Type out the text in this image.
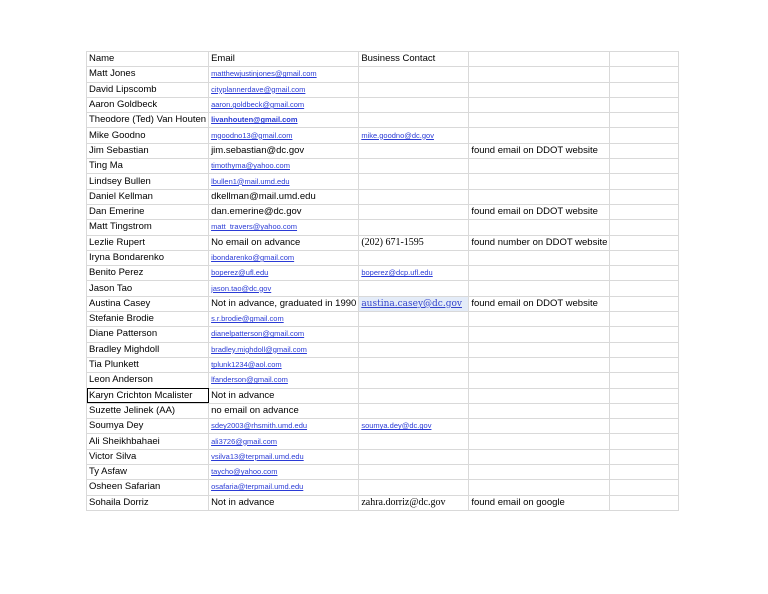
Name	Email	Business Contact		
Matt Jones	matthewjustinjones@gmail.com			
David Lipscomb	cityplannerdave@gmail.com			
Aaron Goldbeck	aaron.goldbeck@gmail.com			
Theodore (Ted) Van Houten	livanhouten@gmail.com			
Mike Goodno	mgoodno13@gmail.com	mike.goodno@dc.gov		
Jim Sebastian	jim.sebastian@dc.gov		found email on DDOT website	
Ting Ma	timothyma@yahoo.com			
Lindsey Bullen	lbullen1@mail.umd.edu			
Daniel Kellman	dkellman@mail.umd.edu			
Dan Emerine	dan.emerine@dc.gov		found email on DDOT website	
Matt Tingstrom	matt_travers@yahoo.com			
Lezlie Rupert	No email on advance	(202) 671-1595	found number on DDOT website	
Iryna Bondarenko	ibondarenko@gmail.com			
Benito Perez	boperez@ufl.edu	boperez@dcp.ufl.edu		
Jason Tao	jason.tao@dc.gov			
Austina Casey	Not in advance, graduated in 1990	austina.casey@dc.gov	found email on DDOT website	
Stefanie Brodie	s.r.brodie@gmail.com			
Diane Patterson	dianelpatterson@gmail.com			
Bradley Mighdoll	bradley.mighdoll@gmail.com			
Tia Plunkett	tplunk1234@aol.com			
Leon Anderson	lfanderson@gmail.com			
Karyn Crichton Mcalister	Not in advance			
Suzette Jelinek (AA)	no email on advance			
Soumya Dey	sdey2003@rhsmith.umd.edu	soumya.dey@dc.gov		
Ali Sheikhbahaei	ali3726@gmail.com			
Victor Silva	vsilva13@terpmail.umd.edu			
Ty Asfaw	taycho@yahoo.com			
Osheen Safarian	osafaria@terpmail.umd.edu			
Sohaila Dorriz	Not in advance	zahra.dorriz@dc.gov	found email on google	
